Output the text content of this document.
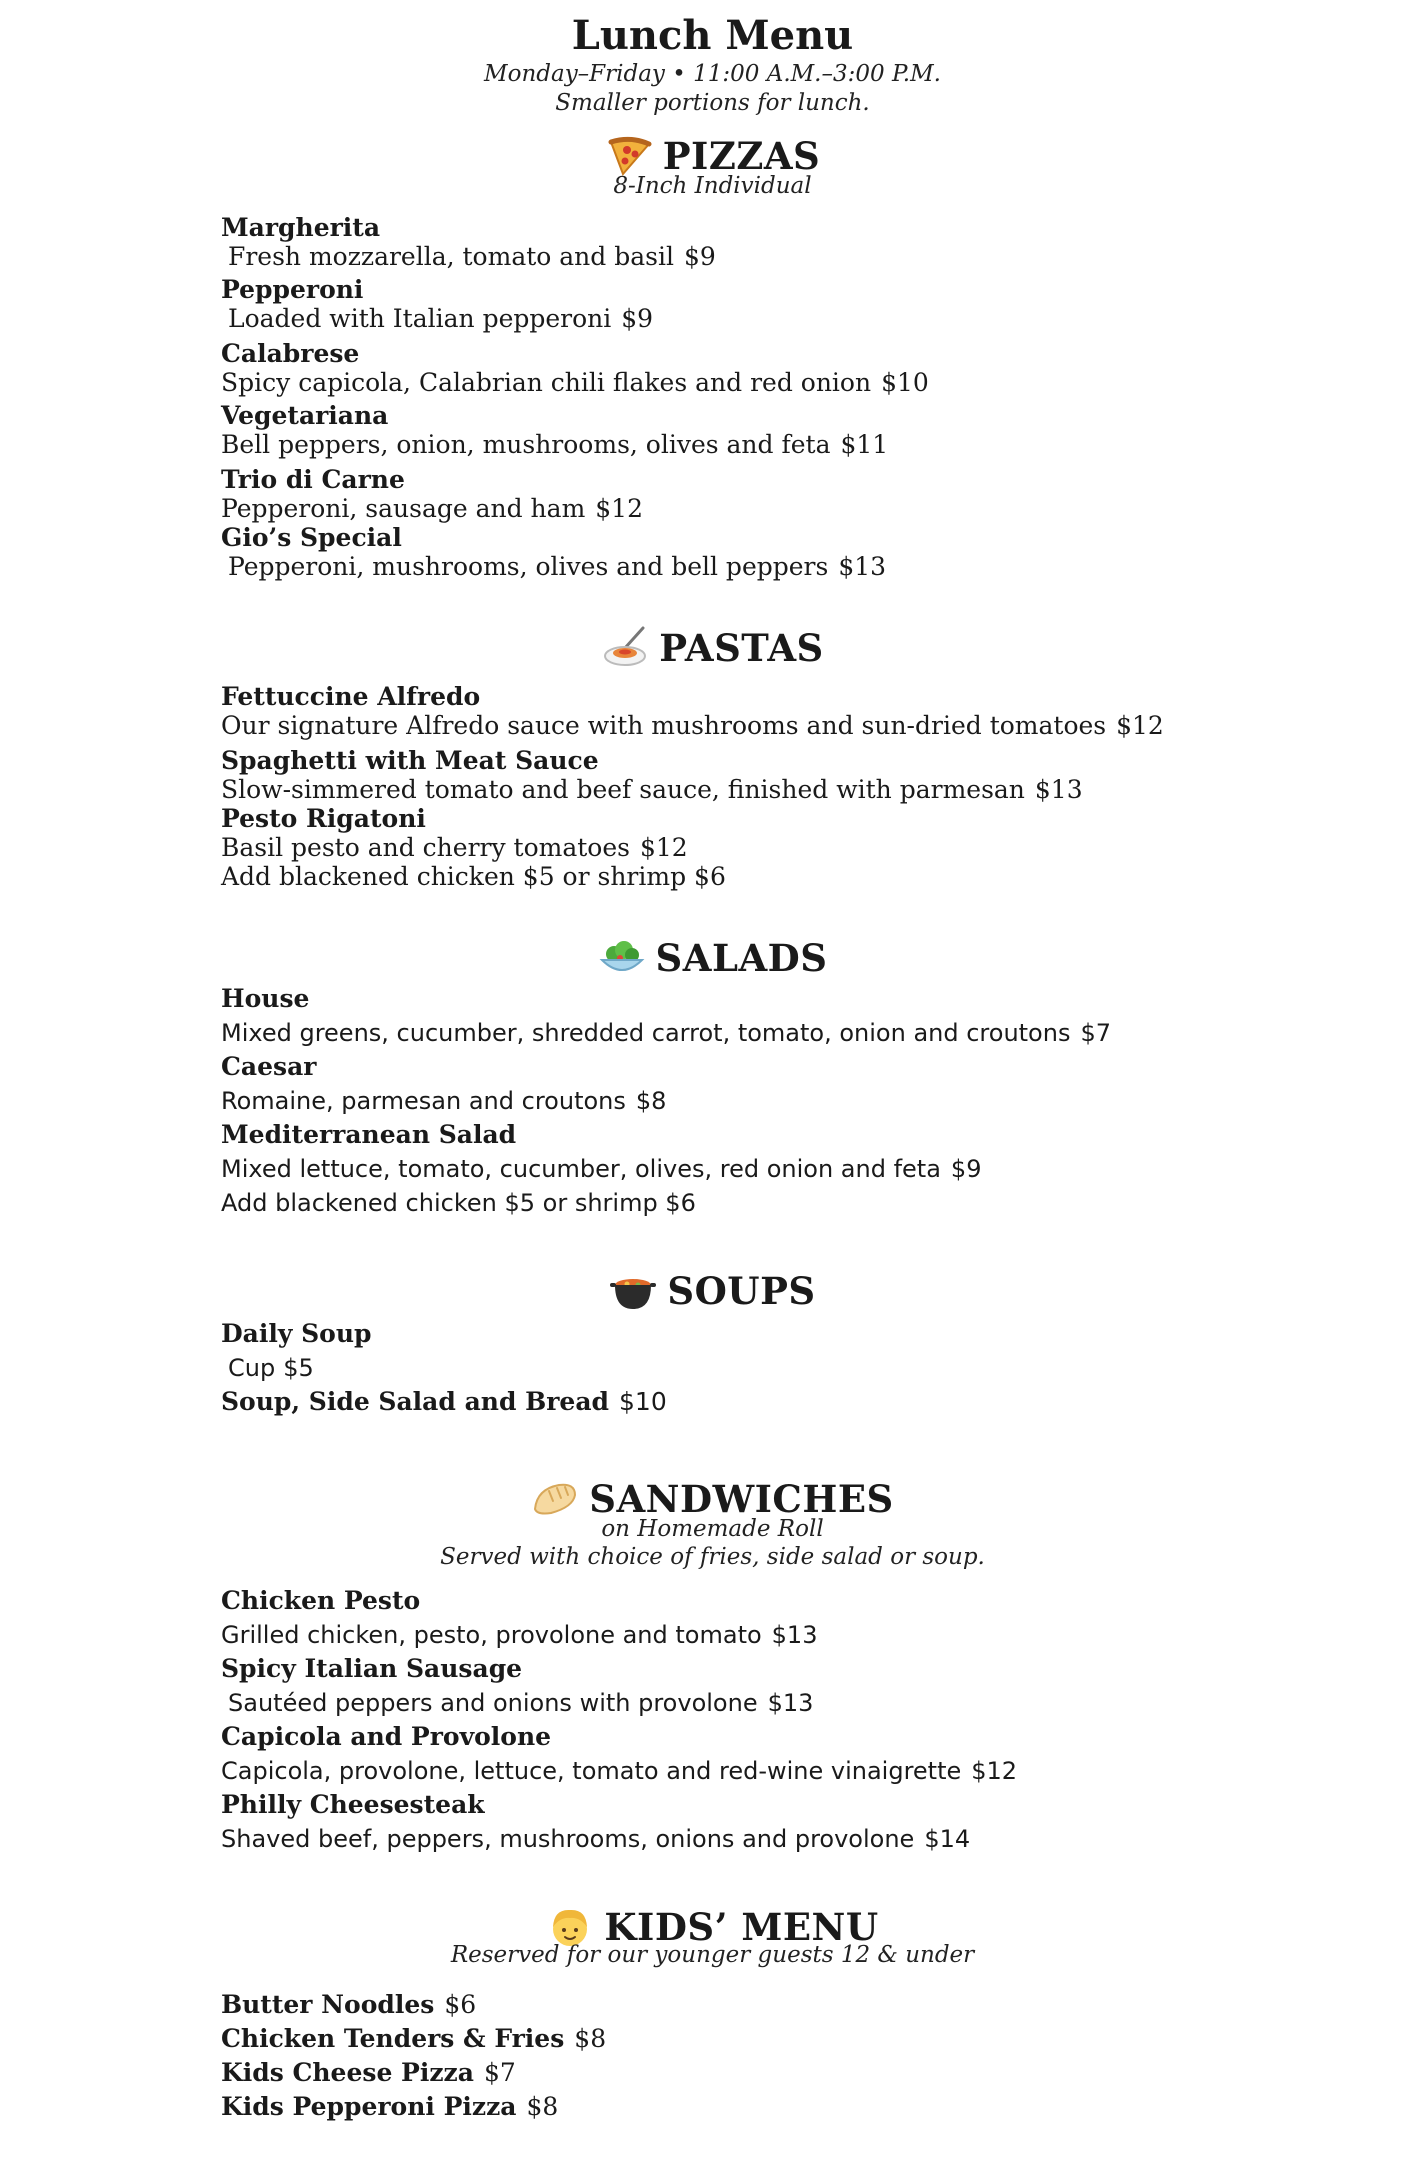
Lunch Menu
Monday–Friday • 11:00 A.M.–3:00 P.M.
Smaller portions for lunch.
PIZZAS
8-Inch Individual
Margherita
Fresh mozzarella, tomato and basil $9
Pepperoni
Loaded with Italian pepperoni $9
Calabrese
Spicy capicola, Calabrian chili flakes and red onion $10
Vegetariana
Bell peppers, onion, mushrooms, olives and feta $11
Trio di Carne
Pepperoni, sausage and ham $12
Gio’s Special
Pepperoni, mushrooms, olives and bell peppers $13
PASTAS
Fettuccine Alfredo
Our signature Alfredo sauce with mushrooms and sun-dried tomatoes $12
Spaghetti with Meat Sauce
Slow-simmered tomato and beef sauce, finished with parmesan $13
Pesto Rigatoni
Basil pesto and cherry tomatoes $12
Add blackened chicken $5 or shrimp $6
SALADS
House
Mixed greens, cucumber, shredded carrot, tomato, onion and croutons $7
Caesar
Romaine, parmesan and croutons $8
Mediterranean Salad
Mixed lettuce, tomato, cucumber, olives, red onion and feta $9
Add blackened chicken $5 or shrimp $6
SOUPS
Daily Soup
Cup $5
Soup, Side Salad and Bread $10
SANDWICHES
on Homemade Roll
Served with choice of fries, side salad or soup.
Chicken Pesto
Grilled chicken, pesto, provolone and tomato $13
Spicy Italian Sausage
Sautéed peppers and onions with provolone $13
Capicola and Provolone
Capicola, provolone, lettuce, tomato and red-wine vinaigrette $12
Philly Cheesesteak
Shaved beef, peppers, mushrooms, onions and provolone $14
KIDS’ MENU
Reserved for our younger guests 12 & under
Butter Noodles $6
Chicken Tenders & Fries $8
Kids Cheese Pizza $7
Kids Pepperoni Pizza $8
